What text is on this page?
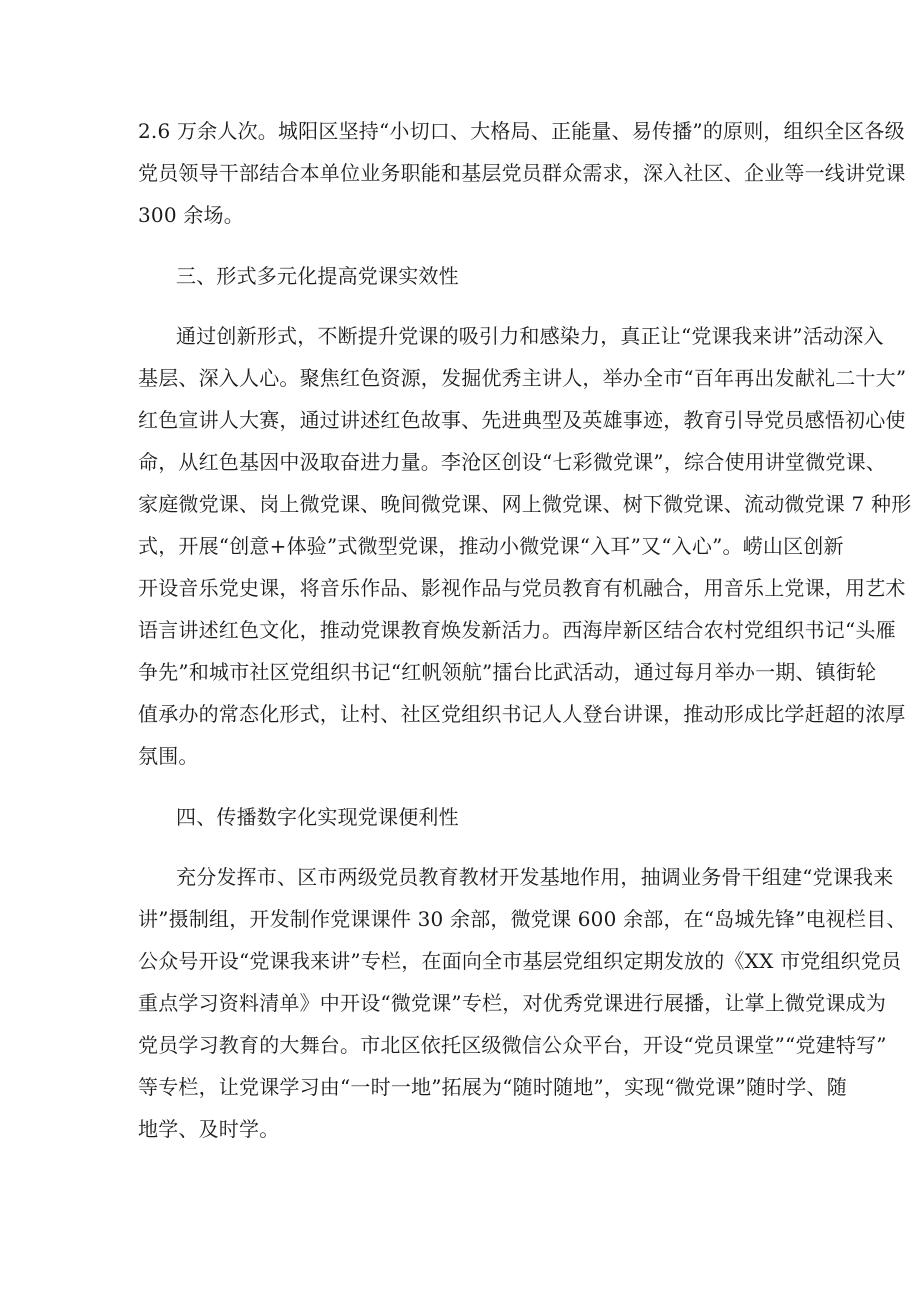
2.6 万余人次。城阳区坚持“小切口、大格局、正能量、易传播”的原则，组织全区各级
党员领导干部结合本单位业务职能和基层党员群众需求，深入社区、企业等一线讲党课
300 余场。
三、形式多元化提高党课实效性
通过创新形式，不断提升党课的吸引力和感染力，真正让“党课我来讲”活动深入
基层、深入人心。聚焦红色资源，发掘优秀主讲人，举办全市“百年再出发献礼二十大”
红色宣讲人大赛，通过讲述红色故事、先进典型及英雄事迹，教育引导党员感悟初心使
命，从红色基因中汲取奋进力量。李沧区创设“七彩微党课”，综合使用讲堂微党课、
家庭微党课、岗上微党课、晚间微党课、网上微党课、树下微党课、流动微党课 7 种形
式，开展“创意+体验”式微型党课，推动小微党课“入耳”又“入心”。崂山区创新
开设音乐党史课，将音乐作品、影视作品与党员教育有机融合，用音乐上党课，用艺术
语言讲述红色文化，推动党课教育焕发新活力。西海岸新区结合农村党组织书记“头雁
争先”和城市社区党组织书记“红帆领航”擂台比武活动，通过每月举办一期、镇街轮
值承办的常态化形式，让村、社区党组织书记人人登台讲课，推动形成比学赶超的浓厚
氛围。
四、传播数字化实现党课便利性
充分发挥市、区市两级党员教育教材开发基地作用，抽调业务骨干组建“党课我来
讲”摄制组，开发制作党课课件 30 余部，微党课 600 余部，在“岛城先锋”电视栏目、
公众号开设“党课我来讲”专栏，在面向全市基层党组织定期发放的《XX 市党组织党员
重点学习资料清单》中开设“微党课”专栏，对优秀党课进行展播，让掌上微党课成为
党员学习教育的大舞台。市北区依托区级微信公众平台，开设“党员课堂”“党建特写”
等专栏，让党课学习由“一时一地”拓展为“随时随地”，实现“微党课”随时学、随
地学、及时学。
